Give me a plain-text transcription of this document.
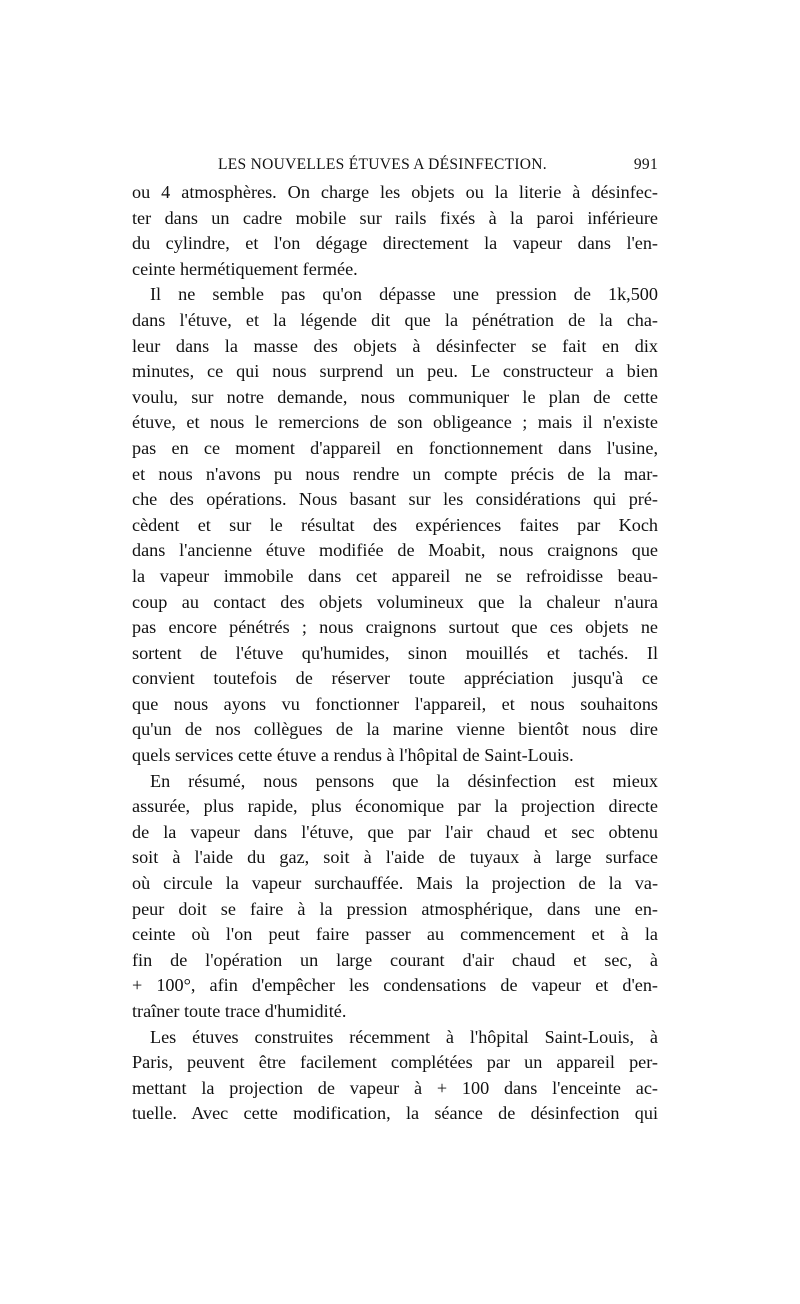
LES NOUVELLES ÉTUVES A DÉSINFECTION.	991

ou 4 atmosphères. On charge les objets ou la literie à désinfec-
ter dans un cadre mobile sur rails fixés à la paroi inférieure
du cylindre, et l'on dégage directement la vapeur dans l'en-
ceinte hermétiquement fermée.

Il ne semble pas qu'on dépasse une pression de 1k,500
dans l'étuve, et la légende dit que la pénétration de la cha-
leur dans la masse des objets à désinfecter se fait en dix
minutes, ce qui nous surprend un peu. Le constructeur a bien
voulu, sur notre demande, nous communiquer le plan de cette
étuve, et nous le remercions de son obligeance ; mais il n'existe
pas en ce moment d'appareil en fonctionnement dans l'usine,
et nous n'avons pu nous rendre un compte précis de la mar-
che des opérations. Nous basant sur les considérations qui pré-
cèdent et sur le résultat des expériences faites par Koch
dans l'ancienne étuve modifiée de Moabit, nous craignons que
la vapeur immobile dans cet appareil ne se refroidisse beau-
coup au contact des objets volumineux que la chaleur n'aura
pas encore pénétrés ; nous craignons surtout que ces objets ne
sortent de l'étuve qu'humides, sinon mouillés et tachés. Il
convient toutefois de réserver toute appréciation jusqu'à ce
que nous ayons vu fonctionner l'appareil, et nous souhaitons
qu'un de nos collègues de la marine vienne bientôt nous dire
quels services cette étuve a rendus à l'hôpital de Saint-Louis.

En résumé, nous pensons que la désinfection est mieux
assurée, plus rapide, plus économique par la projection directe
de la vapeur dans l'étuve, que par l'air chaud et sec obtenu
soit à l'aide du gaz, soit à l'aide de tuyaux à large surface
où circule la vapeur surchauffée. Mais la projection de la va-
peur doit se faire à la pression atmosphérique, dans une en-
ceinte où l'on peut faire passer au commencement et à la
fin de l'opération un large courant d'air chaud et sec, à
+ 100°, afin d'empêcher les condensations de vapeur et d'en-
traîner toute trace d'humidité.

Les étuves construites récemment à l'hôpital Saint-Louis, à
Paris, peuvent être facilement complétées par un appareil per-
mettant la projection de vapeur à + 100 dans l'enceinte ac-
tuelle. Avec cette modification, la séance de désinfection qui
